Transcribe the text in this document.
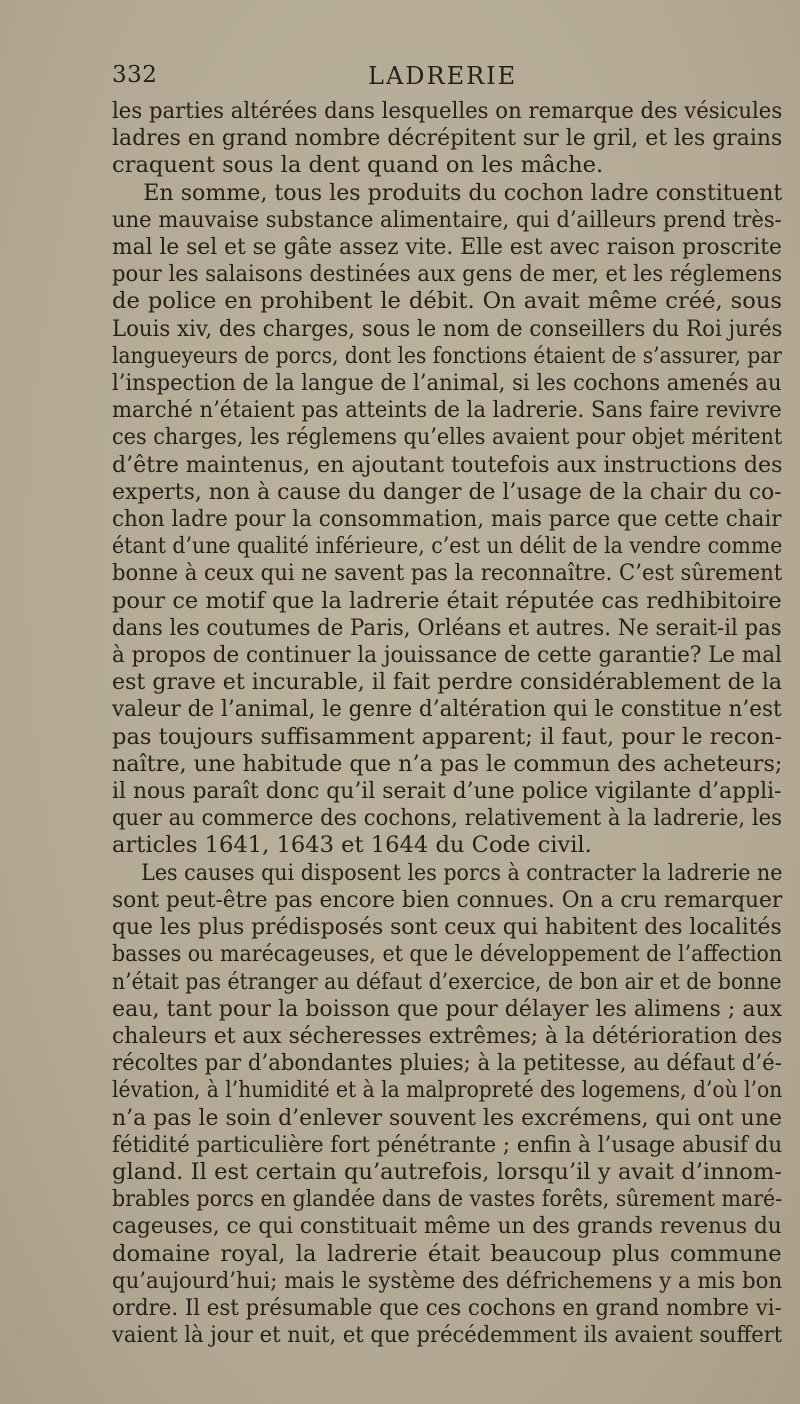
332	LADRERIE
les parties altérées dans lesquelles on remarque des vésicules
ladres en grand nombre décrépitent sur le gril, et les grains
craquent sous la dent quand on les mâche.
En somme, tous les produits du cochon ladre constituent
une mauvaise substance alimentaire, qui d’ailleurs prend très-
mal le sel et se gâte assez vite. Elle est avec raison proscrite
pour les salaisons destinées aux gens de mer, et les réglemens
de police en prohibent le débit. On avait même créé, sous
Louis xiv, des charges, sous le nom de conseillers du Roi jurés
langueyeurs de porcs, dont les fonctions étaient de s’assurer, par
l’inspection de la langue de l’animal, si les cochons amenés au
marché n’étaient pas atteints de la ladrerie. Sans faire revivre
ces charges, les réglemens qu’elles avaient pour objet méritent
d’être maintenus, en ajoutant toutefois aux instructions des
experts, non à cause du danger de l’usage de la chair du co-
chon ladre pour la consommation, mais parce que cette chair
étant d’une qualité inférieure, c’est un délit de la vendre comme
bonne à ceux qui ne savent pas la reconnaître. C’est sûrement
pour ce motif que la ladrerie était réputée cas redhibitoire
dans les coutumes de Paris, Orléans et autres. Ne serait-il pas
à propos de continuer la jouissance de cette garantie? Le mal
est grave et incurable, il fait perdre considérablement de la
valeur de l’animal, le genre d’altération qui le constitue n’est
pas toujours suffisamment apparent; il faut, pour le recon-
naître, une habitude que n’a pas le commun des acheteurs;
il nous paraît donc qu’il serait d’une police vigilante d’appli-
quer au commerce des cochons, relativement à la ladrerie, les
articles 1641, 1643 et 1644 du Code civil.
Les causes qui disposent les porcs à contracter la ladrerie ne
sont peut-être pas encore bien connues. On a cru remarquer
que les plus prédisposés sont ceux qui habitent des localités
basses ou marécageuses, et que le développement de l’affection
n’était pas étranger au défaut d’exercice, de bon air et de bonne
eau, tant pour la boisson que pour délayer les alimens ; aux
chaleurs et aux sécheresses extrêmes; à la détérioration des
récoltes par d’abondantes pluies; à la petitesse, au défaut d’é-
lévation, à l’humidité et à la malpropreté des logemens, d’où l’on
n’a pas le soin d’enlever souvent les excrémens, qui ont une
fétidité particulière fort pénétrante ; enfin à l’usage abusif du
gland. Il est certain qu’autrefois, lorsqu’il y avait d’innom-
brables porcs en glandée dans de vastes forêts, sûrement maré-
cageuses, ce qui constituait même un des grands revenus du
domaine royal, la ladrerie était beaucoup plus commune
qu’aujourd’hui; mais le système des défrichemens y a mis bon
ordre. Il est présumable que ces cochons en grand nombre vi-
vaient là jour et nuit, et que précédemment ils avaient souffert
